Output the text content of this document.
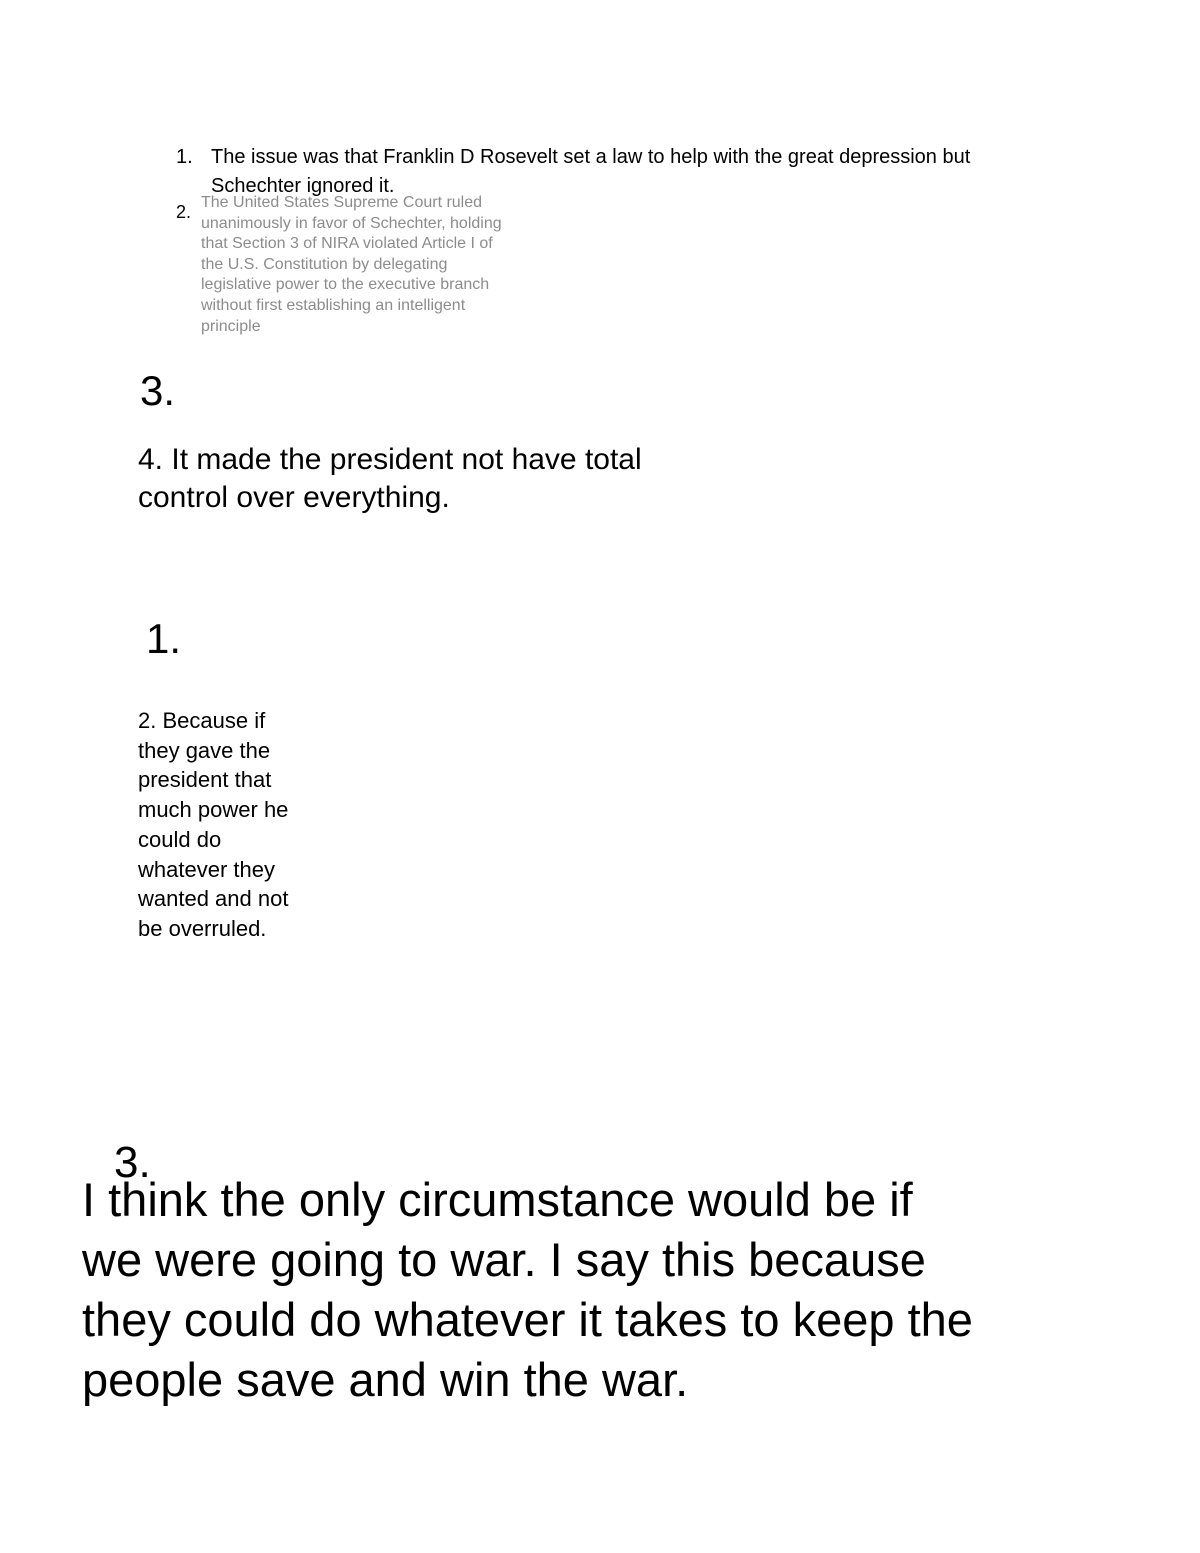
1. The issue was that Franklin D Rosevelt set a law to help with the great depression but
Schechter ignored it.
2. The United States Supreme Court ruled
unanimously in favor of Schechter, holding
that Section 3 of NIRA violated Article I of
the U.S. Constitution by delegating
legislative power to the executive branch
without first establishing an intelligent
principle
3.
4. It made the president not have total
control over everything.
1.
2. Because if
they gave the
president that
much power he
could do
whatever they
wanted and not
be overruled.
3.
I think the only circumstance would be if
we were going to war. I say this because
they could do whatever it takes to keep the
people save and win the war.
